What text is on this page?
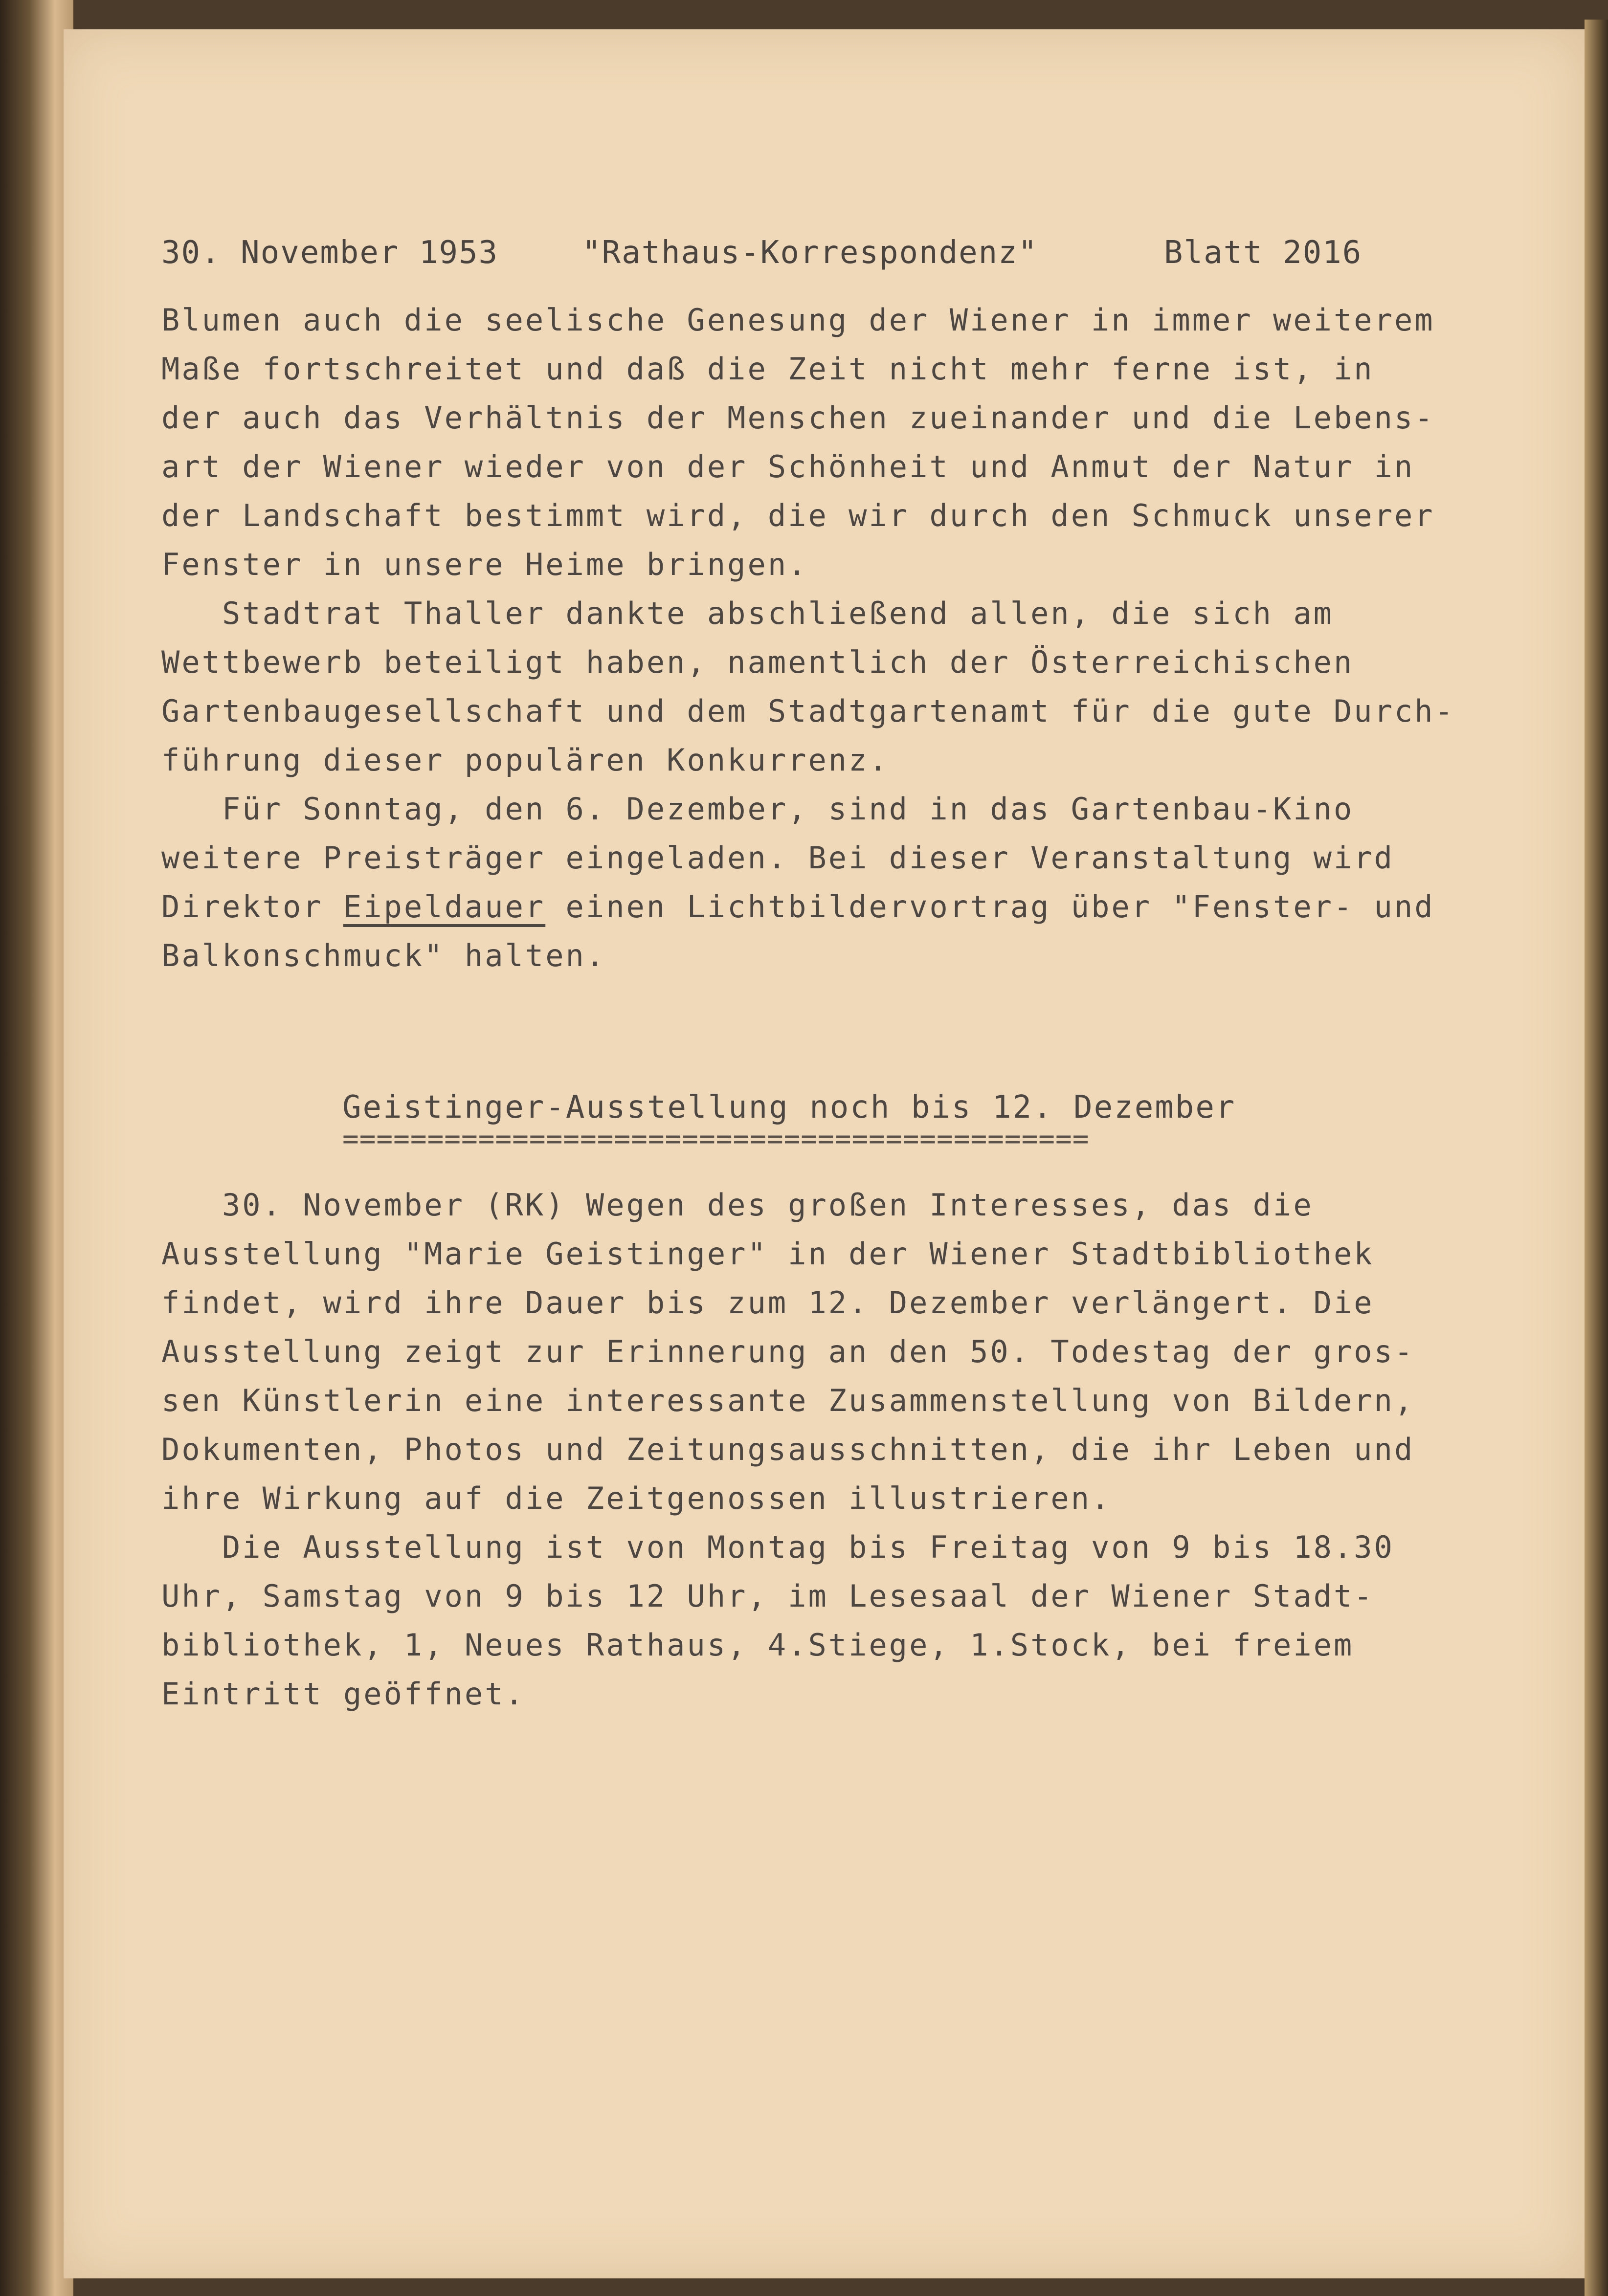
30. November 1953	"Rathaus-Korrespondenz"	Blatt 2016
Blumen auch die seelische Genesung der Wiener in immer weiterem
Maße fortschreitet und daß die Zeit nicht mehr ferne ist, in
der auch das Verhältnis der Menschen zueinander und die Lebens-
art der Wiener wieder von der Schönheit und Anmut der Natur in
der Landschaft bestimmt wird, die wir durch den Schmuck unserer
Fenster in unsere Heime bringen.
Stadtrat Thaller dankte abschließend allen, die sich am
Wettbewerb beteiligt haben, namentlich der Österreichischen
Gartenbaugesellschaft und dem Stadtgartenamt für die gute Durch-
führung dieser populären Konkurrenz.
Für Sonntag, den 6. Dezember, sind in das Gartenbau-Kino
weitere Preisträger eingeladen. Bei dieser Veranstaltung wird
Direktor Eipeldauer einen Lichtbildervortrag über "Fenster- und
Balkonschmuck" halten.
Geistinger-Ausstellung noch bis 12. Dezember
============================================
30. November (RK) Wegen des großen Interesses, das die
Ausstellung "Marie Geistinger" in der Wiener Stadtbibliothek
findet, wird ihre Dauer bis zum 12. Dezember verlängert. Die
Ausstellung zeigt zur Erinnerung an den 50. Todestag der gros-
sen Künstlerin eine interessante Zusammenstellung von Bildern,
Dokumenten, Photos und Zeitungsausschnitten, die ihr Leben und
ihre Wirkung auf die Zeitgenossen illustrieren.
Die Ausstellung ist von Montag bis Freitag von 9 bis 18.30
Uhr, Samstag von 9 bis 12 Uhr, im Lesesaal der Wiener Stadt-
bibliothek, 1, Neues Rathaus, 4.Stiege, 1.Stock, bei freiem
Eintritt geöffnet.
